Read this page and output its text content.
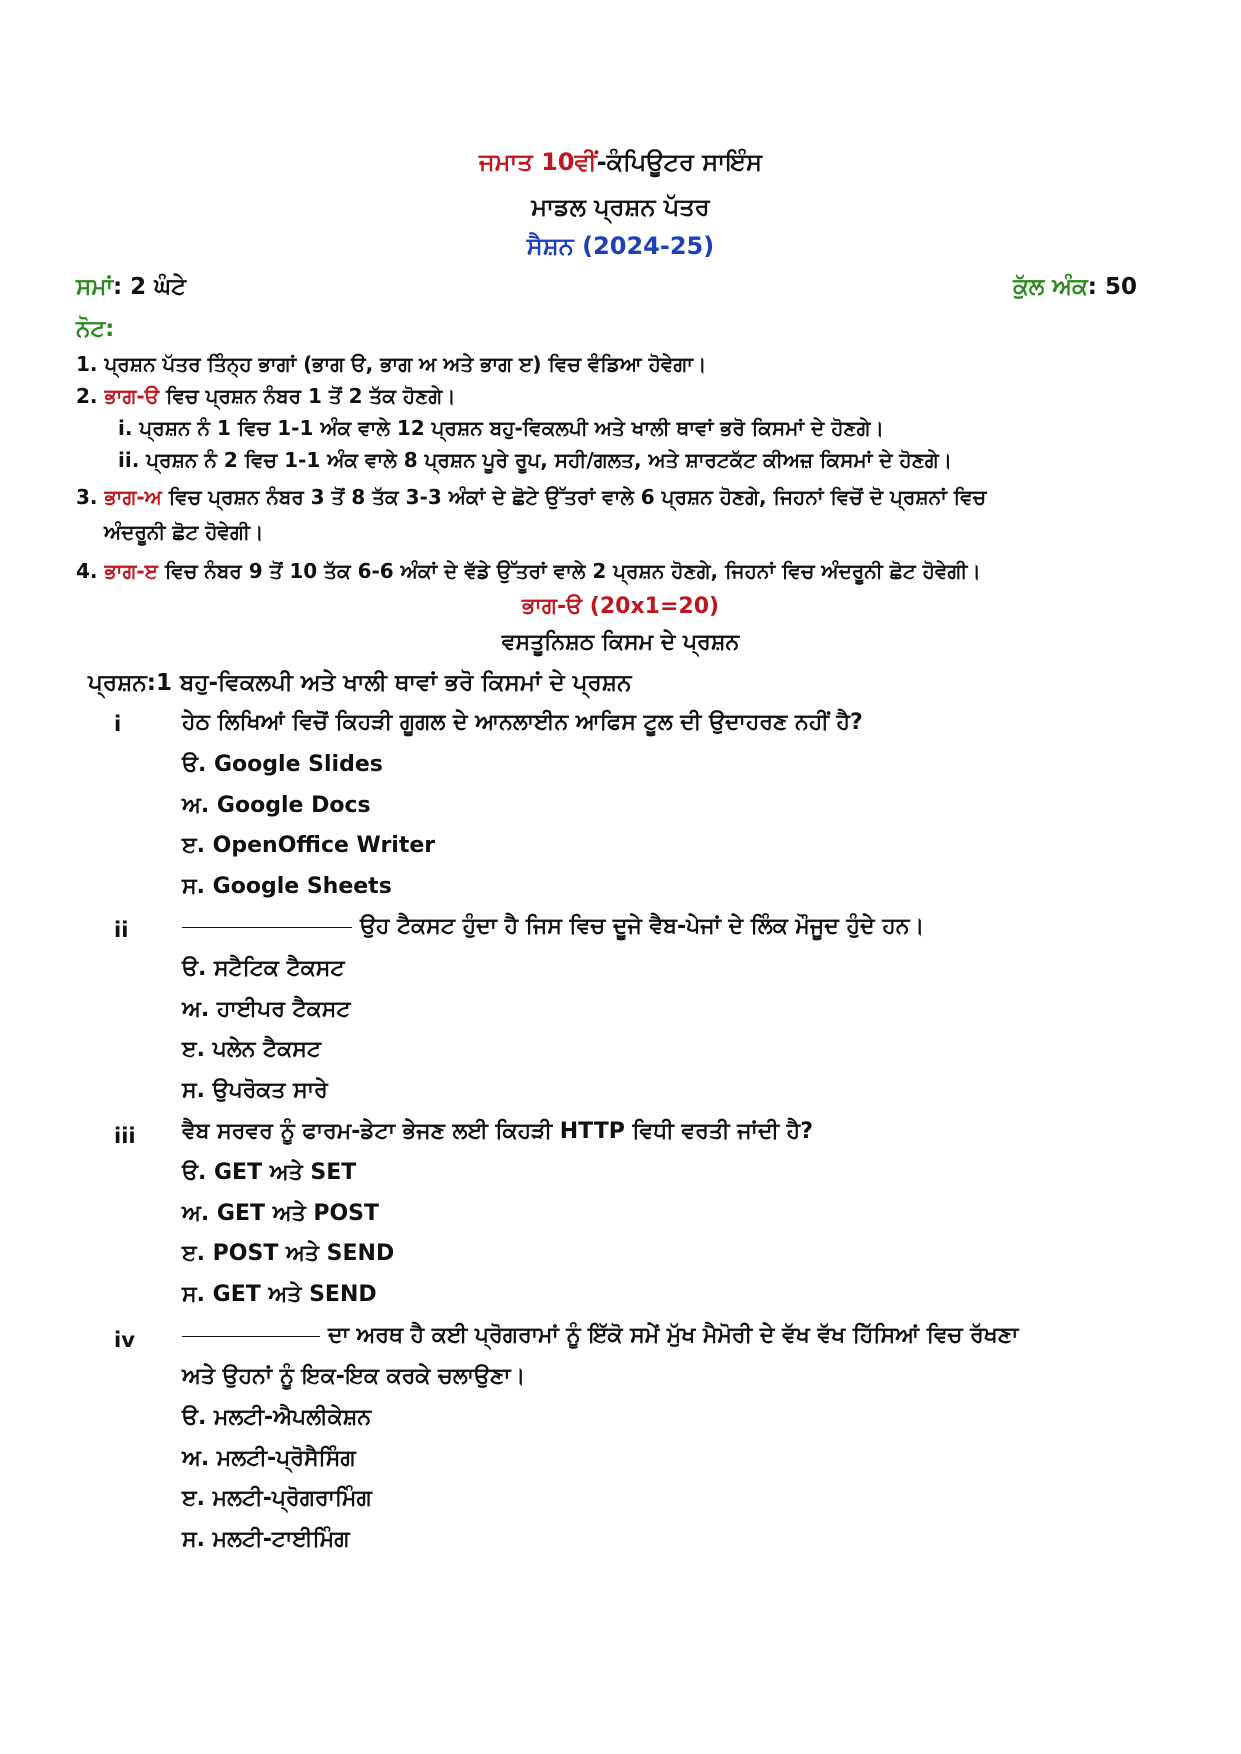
ਜਮਾਤ 10ਵੀਂ-ਕੰਪਿਊਟਰ ਸਾਇੰਸ
ਮਾਡਲ ਪ੍ਰਸ਼ਨ ਪੱਤਰ
ਸੈਸ਼ਨ (2024-25)
ਸਮਾਂ: 2 ਘੰਟੇ	ਕੁੱਲ ਅੰਕ: 50
ਨੋਟ:
1. ਪ੍ਰਸ਼ਨ ਪੱਤਰ ਤਿੰਨ੍ਹ ਭਾਗਾਂ (ਭਾਗ ੳ, ਭਾਗ ਅ ਅਤੇ ਭਾਗ ੲ) ਵਿਚ ਵੰਡਿਆ ਹੋਵੇਗਾ।
2. ਭਾਗ-ੳ ਵਿਚ ਪ੍ਰਸ਼ਨ ਨੰਬਰ 1 ਤੋਂ 2 ਤੱਕ ਹੋਣਗੇ।
i. ਪ੍ਰਸ਼ਨ ਨੰ 1 ਵਿਚ 1-1 ਅੰਕ ਵਾਲੇ 12 ਪ੍ਰਸ਼ਨ ਬਹੁ-ਵਿਕਲਪੀ ਅਤੇ ਖਾਲੀ ਥਾਵਾਂ ਭਰੋ ਕਿਸਮਾਂ ਦੇ ਹੋਣਗੇ।
ii. ਪ੍ਰਸ਼ਨ ਨੰ 2 ਵਿਚ 1-1 ਅੰਕ ਵਾਲੇ 8 ਪ੍ਰਸ਼ਨ ਪੂਰੇ ਰੂਪ, ਸਹੀ/ਗਲਤ, ਅਤੇ ਸ਼ਾਰਟਕੱਟ ਕੀਅਜ਼ ਕਿਸਮਾਂ ਦੇ ਹੋਣਗੇ।
3. ਭਾਗ-ਅ ਵਿਚ ਪ੍ਰਸ਼ਨ ਨੰਬਰ 3 ਤੋਂ 8 ਤੱਕ 3-3 ਅੰਕਾਂ ਦੇ ਛੋਟੇ ਉੱਤਰਾਂ ਵਾਲੇ 6 ਪ੍ਰਸ਼ਨ ਹੋਣਗੇ, ਜਿਹਨਾਂ ਵਿਚੋਂ ਦੋ ਪ੍ਰਸ਼ਨਾਂ ਵਿਚ
ਅੰਦਰੂਨੀ ਛੋਟ ਹੋਵੇਗੀ।
4. ਭਾਗ-ੲ ਵਿਚ ਨੰਬਰ 9 ਤੋਂ 10 ਤੱਕ 6-6 ਅੰਕਾਂ ਦੇ ਵੱਡੇ ਉੱਤਰਾਂ ਵਾਲੇ 2 ਪ੍ਰਸ਼ਨ ਹੋਣਗੇ, ਜਿਹਨਾਂ ਵਿਚ ਅੰਦਰੂਨੀ ਛੋਟ ਹੋਵੇਗੀ।
ਭਾਗ-ੳ (20x1=20)
ਵਸਤੂਨਿਸ਼ਠ ਕਿਸਮ ਦੇ ਪ੍ਰਸ਼ਨ
ਪ੍ਰਸ਼ਨ:1 ਬਹੁ-ਵਿਕਲਪੀ ਅਤੇ ਖਾਲੀ ਥਾਵਾਂ ਭਰੋ ਕਿਸਮਾਂ ਦੇ ਪ੍ਰਸ਼ਨ
i	ਹੇਠ ਲਿਖਿਆਂ ਵਿਚੋਂ ਕਿਹੜੀ ਗੂਗਲ ਦੇ ਆਨਲਾਈਨ ਆਫਿਸ ਟੂਲ ਦੀ ਉਦਾਹਰਣ ਨਹੀਂ ਹੈ?
ੳ. Google Slides
ਅ. Google Docs
ੲ. OpenOffice Writer
ਸ. Google Sheets
ii	ਉਹ ਟੈਕਸਟ ਹੁੰਦਾ ਹੈ ਜਿਸ ਵਿਚ ਦੂਜੇ ਵੈਬ-ਪੇਜਾਂ ਦੇ ਲਿੰਕ ਮੌਜੂਦ ਹੁੰਦੇ ਹਨ।
ੳ. ਸਟੈਟਿਕ ਟੈਕਸਟ
ਅ. ਹਾਈਪਰ ਟੈਕਸਟ
ੲ. ਪਲੇਨ ਟੈਕਸਟ
ਸ. ਉਪਰੋਕਤ ਸਾਰੇ
iii ਵੈਬ ਸਰਵਰ ਨੂੰ ਫਾਰਮ-ਡੇਟਾ ਭੇਜਣ ਲਈ ਕਿਹੜੀ HTTP ਵਿਧੀ ਵਰਤੀ ਜਾਂਦੀ ਹੈ?
ੳ. GET ਅਤੇ SET
ਅ. GET ਅਤੇ POST
ੲ. POST ਅਤੇ SEND
ਸ. GET ਅਤੇ SEND
iv	ਦਾ ਅਰਥ ਹੈ ਕਈ ਪ੍ਰੋਗਰਾਮਾਂ ਨੂੰ ਇੱਕੋ ਸਮੇਂ ਮੁੱਖ ਮੈਮੋਰੀ ਦੇ ਵੱਖ ਵੱਖ ਹਿੱਸਿਆਂ ਵਿਚ ਰੱਖਣਾ
ਅਤੇ ਉਹਨਾਂ ਨੂੰ ਇਕ-ਇਕ ਕਰਕੇ ਚਲਾਉਣਾ।
ੳ. ਮਲਟੀ-ਐਪਲੀਕੇਸ਼ਨ
ਅ. ਮਲਟੀ-ਪ੍ਰੋਸੈਸਿੰਗ
ੲ. ਮਲਟੀ-ਪ੍ਰੋਗਰਾਮਿੰਗ
ਸ. ਮਲਟੀ-ਟਾਈਮਿੰਗ
